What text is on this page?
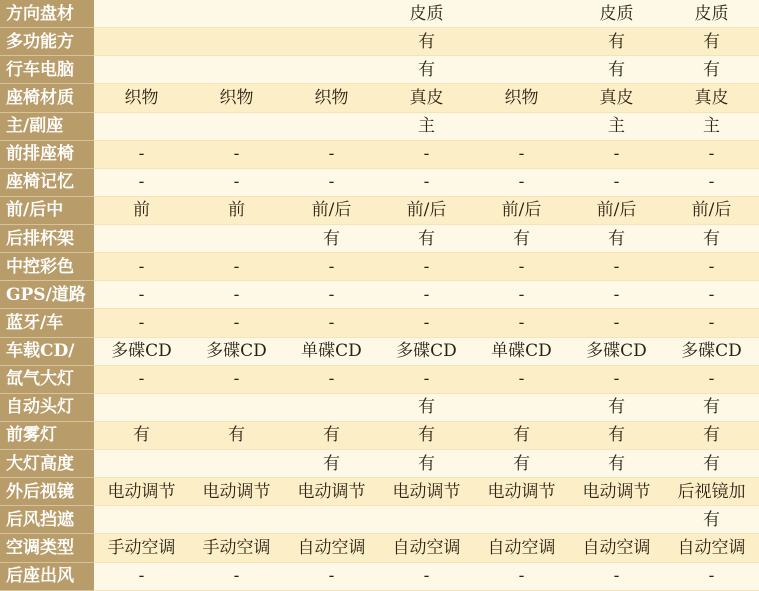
方向盘材				皮质		皮质	皮质
多功能方				有		有	有
行车电脑				有		有	有
座椅材质	织物	织物	织物	真皮	织物	真皮	真皮
主/副座				主		主	主
前排座椅	-	-	-	-	-	-	-
座椅记忆	-	-	-	-	-	-	-
前/后中	前	前	前/后	前/后	前/后	前/后	前/后
后排杯架			有	有	有	有	有
中控彩色	-	-	-	-	-	-	-
GPS/道路	-	-	-	-	-	-	-
蓝牙/车	-	-	-	-	-	-	-
车载CD/	多碟CD	多碟CD	单碟CD	多碟CD	单碟CD	多碟CD	多碟CD
氙气大灯	-	-	-	-	-	-	-
自动头灯				有		有	有
前雾灯	有	有	有	有	有	有	有
大灯高度			有	有	有	有	有
外后视镜	电动调节	电动调节	电动调节	电动调节	电动调节	电动调节	后视镜加
后风挡遮							有
空调类型	手动空调	手动空调	自动空调	自动空调	自动空调	自动空调	自动空调
后座出风	-	-	-	-	-	-	-
